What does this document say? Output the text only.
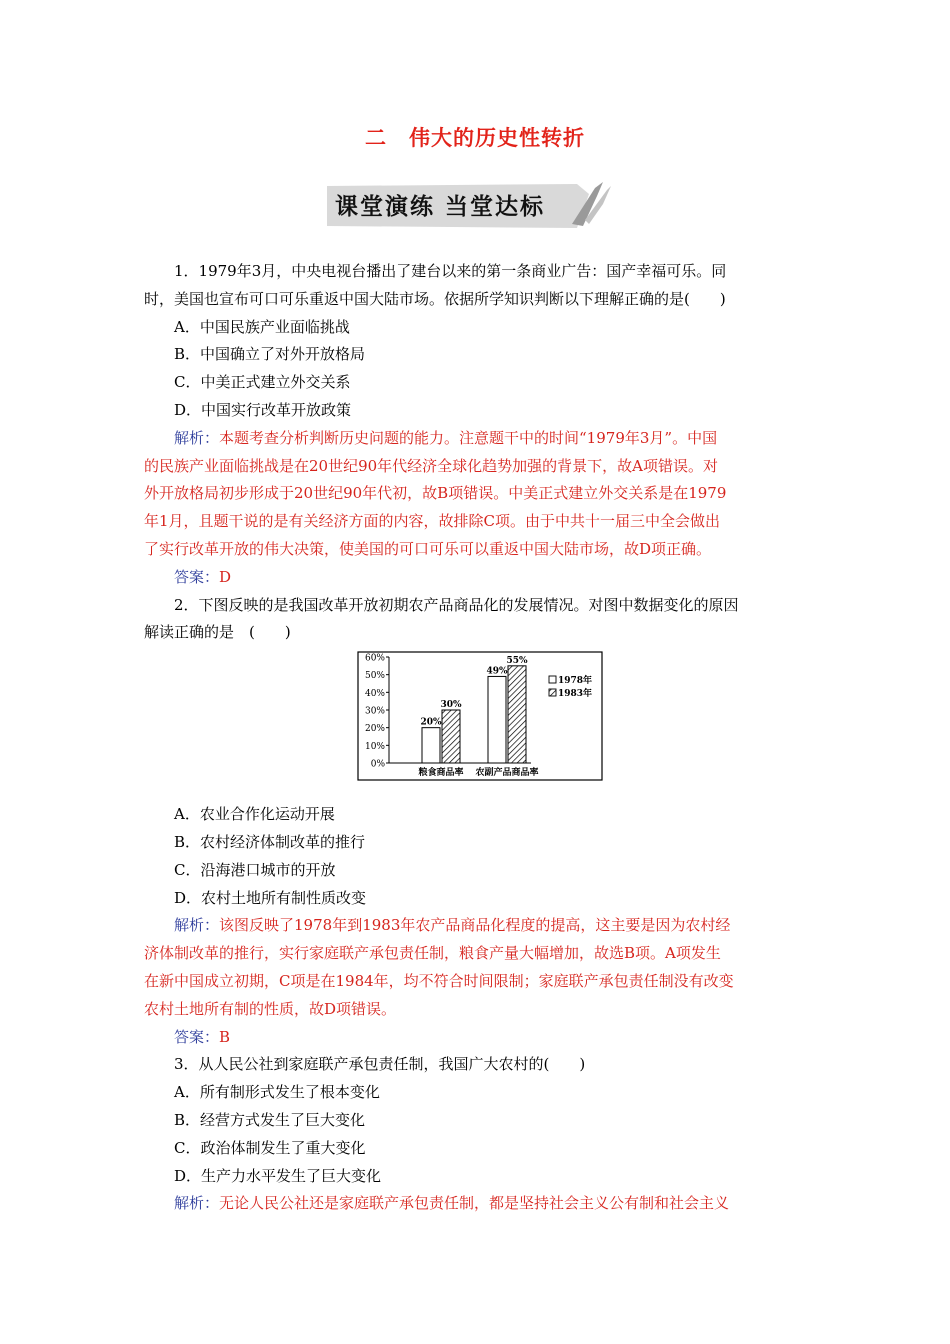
二　伟大的历史性转折
课堂演练 当堂达标

1．1979年3月，中央电视台播出了建台以来的第一条商业广告：国产幸福可乐。同

时，美国也宣布可口可乐重返中国大陆市场。依据所学知识判断以下理解正确的是(　　)

A．中国民族产业面临挑战

B．中国确立了对外开放格局

C．中美正式建立外交关系

D．中国实行改革开放政策

解析：本题考查分析判断历史问题的能力。注意题干中的时间“1979年3月”。中国

的民族产业面临挑战是在20世纪90年代经济全球化趋势加强的背景下，故A项错误。对

外开放格局初步形成于20世纪90年代初，故B项错误。中美正式建立外交关系是在1979

年1月，且题干说的是有关经济方面的内容，故排除C项。由于中共十一届三中全会做出

了实行改革开放的伟大决策，使美国的可口可乐可以重返中国大陆市场，故D项正确。

答案：D

2．下图反映的是我国改革开放初期农产品商品化的发展情况。对图中数据变化的原因

解读正确的是　(　　)

60%
50%
40%
30%
20%
10%
0%
20%
30%
粮食商品率
49%
55%
农副产品商品率
1978年
1983年

A．农业合作化运动开展

B．农村经济体制改革的推行

C．沿海港口城市的开放

D．农村土地所有制性质改变

解析：该图反映了1978年到1983年农产品商品化程度的提高，这主要是因为农村经

济体制改革的推行，实行家庭联产承包责任制，粮食产量大幅增加，故选B项。A项发生

在新中国成立初期，C项是在1984年，均不符合时间限制；家庭联产承包责任制没有改变

农村土地所有制的性质，故D项错误。

答案：B

3．从人民公社到家庭联产承包责任制，我国广大农村的(　　)

A．所有制形式发生了根本变化

B．经营方式发生了巨大变化

C．政治体制发生了重大变化

D．生产力水平发生了巨大变化

解析：无论人民公社还是家庭联产承包责任制，都是坚持社会主义公有制和社会主义
